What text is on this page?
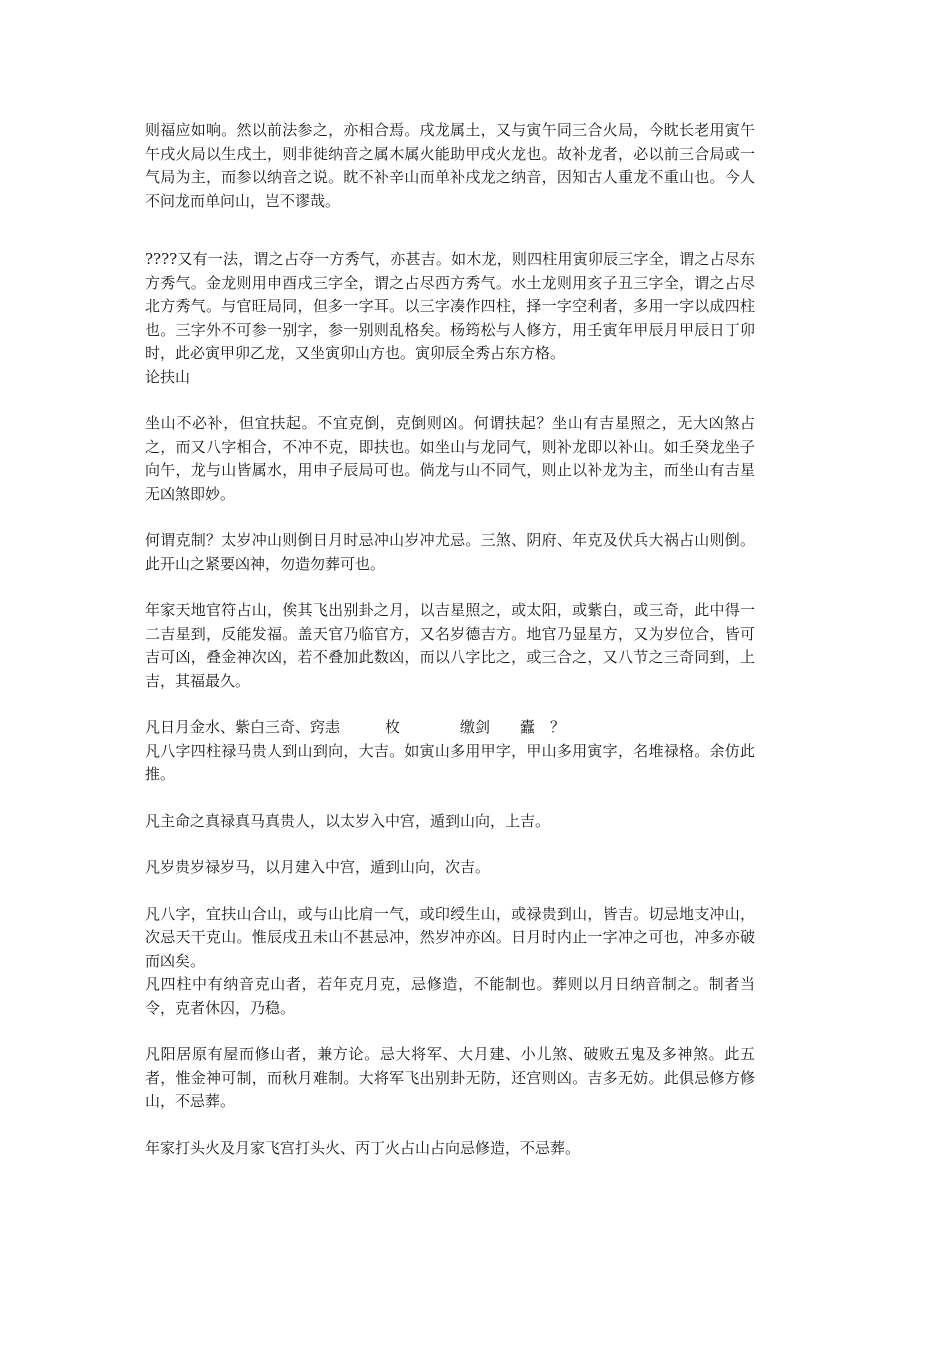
则福应如响。然以前法参之，亦相合焉。戌龙属土，又与寅午同三合火局，今眈长老用寅午午戌火局以生戌土，则非徙纳音之属木属火能助甲戌火龙也。故补龙者，必以前三合局或一气局为主，而参以纳音之说。眈不补辛山而单补戌龙之纳音，因知古人重龙不重山也。今人不问龙而单问山，岂不谬哉。

????又有一法，谓之占夺一方秀气，亦甚吉。如木龙，则四柱用寅卯辰三字全，谓之占尽东方秀气。金龙则用申酉戌三字全，谓之占尽西方秀气。水土龙则用亥子丑三字全，谓之占尽北方秀气。与官旺局同，但多一字耳。以三字凑作四柱，择一字空利者，多用一字以成四柱也。三字外不可参一别字，参一别则乱格矣。杨筠松与人修方，用壬寅年甲辰月甲辰日丁卯时，此必寅甲卯乙龙，又坐寅卯山方也。寅卯辰全秀占东方格。

论扶山

坐山不必补，但宜扶起。不宜克倒，克倒则凶。何谓扶起？坐山有吉星照之，无大凶煞占之，而又八字相合，不冲不克，即扶也。如坐山与龙同气，则补龙即以补山。如壬癸龙坐子向午，龙与山皆属水，用申子辰局可也。倘龙与山不同气，则止以补龙为主，而坐山有吉星无凶煞即妙。

何谓克制？太岁冲山则倒日月时忌冲山岁冲尤忌。三煞、阴府、年克及伏兵大祸占山则倒。此开山之紧要凶神，勿造勿葬可也。

年家天地官符占山，俟其飞出别卦之月，以吉星照之，或太阳，或紫白，或三奇，此中得一二吉星到，反能发福。盖天官乃临官方，又名岁德吉方。地官乃显星方，又为岁位合，皆可吉可凶，叠金神次凶，若不叠加此数凶，而以八字比之，或三合之，又八节之三奇同到，上吉，其福最久。

凡日月金水、紫白三奇、窍恚　　　枚　　　　缴剑　　蠹　？

凡八字四柱禄马贵人到山到向，大吉。如寅山多用甲字，甲山多用寅字，名堆禄格。余仿此推。

凡主命之真禄真马真贵人，以太岁入中宫，遁到山向，上吉。

凡岁贵岁禄岁马，以月建入中宫，遁到山向，次吉。

凡八字，宜扶山合山，或与山比肩一气，或印绶生山，或禄贵到山，皆吉。切忌地支冲山，次忌天干克山。惟辰戌丑未山不甚忌冲，然岁冲亦凶。日月时内止一字冲之可也，冲多亦破而凶矣。

凡四柱中有纳音克山者，若年克月克，忌修造，不能制也。葬则以月日纳音制之。制者当令，克者休囚，乃稳。

凡阳居原有屋而修山者，兼方论。忌大将军、大月建、小儿煞、破败五鬼及多神煞。此五者，惟金神可制，而秋月难制。大将军飞出别卦无防，还宫则凶。吉多无妨。此俱忌修方修山，不忌葬。

年家打头火及月家飞宫打头火、丙丁火占山占向忌修造，不忌葬。
